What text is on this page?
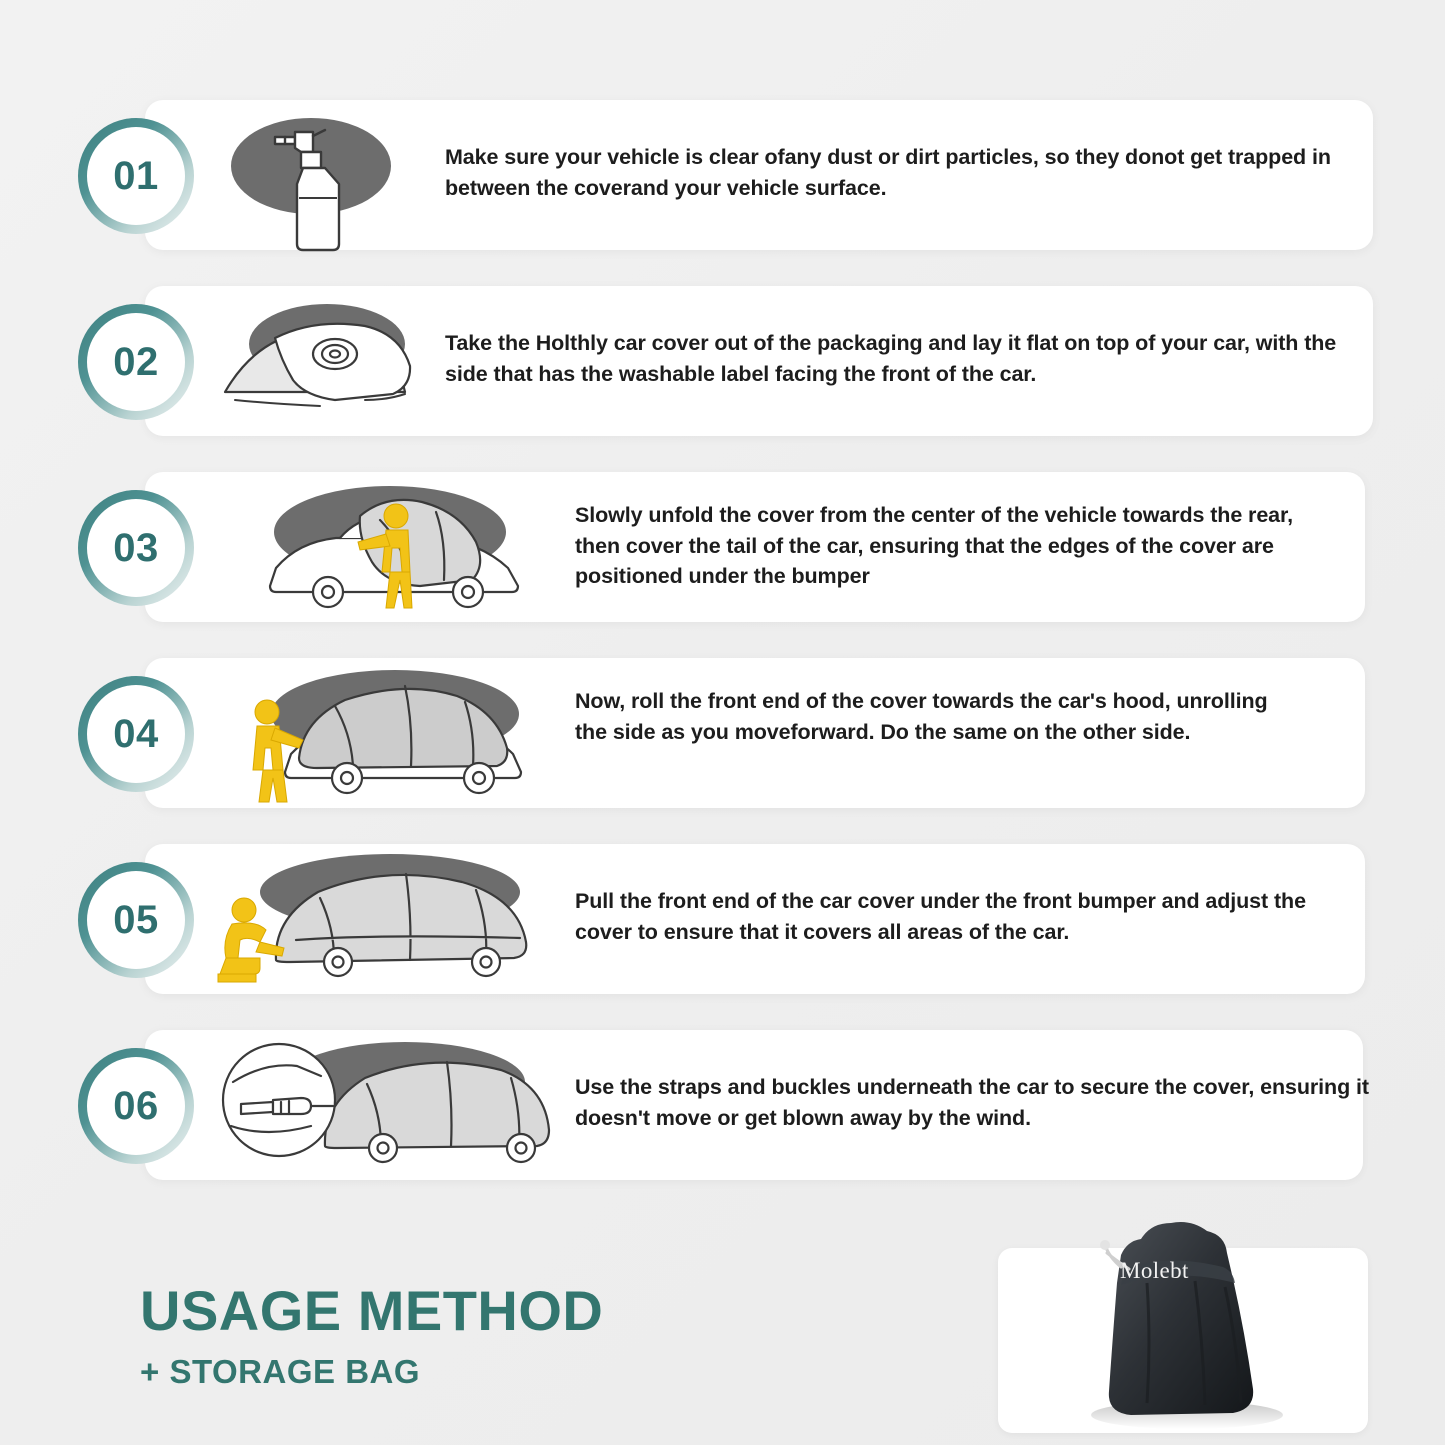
01	Make sure your vehicle is clear ofany dust or dirt particles, so they donot get trapped in between the coverand your vehicle surface.
02	Take the Holthly car cover out of the packaging and lay it flat on top of your car, with the side that has the washable label facing the front of the car.
03
Slowly unfold the cover from the center of the vehicle towards the rear, then cover the tail of the car, ensuring that the edges of the cover are positioned under the bumper
04
Now, roll the front end of the cover towards the car's hood, unrolling the side as you moveforward. Do the same on the other side.
05	Pull the front end of the car cover under the front bumper and adjust the cover to ensure that it covers all areas of the car.
06	Use the straps and buckles underneath the car to secure the cover, ensuring it doesn't move or get blown away by the wind.
USAGE METHOD
+ STORAGE BAG
Molebt
